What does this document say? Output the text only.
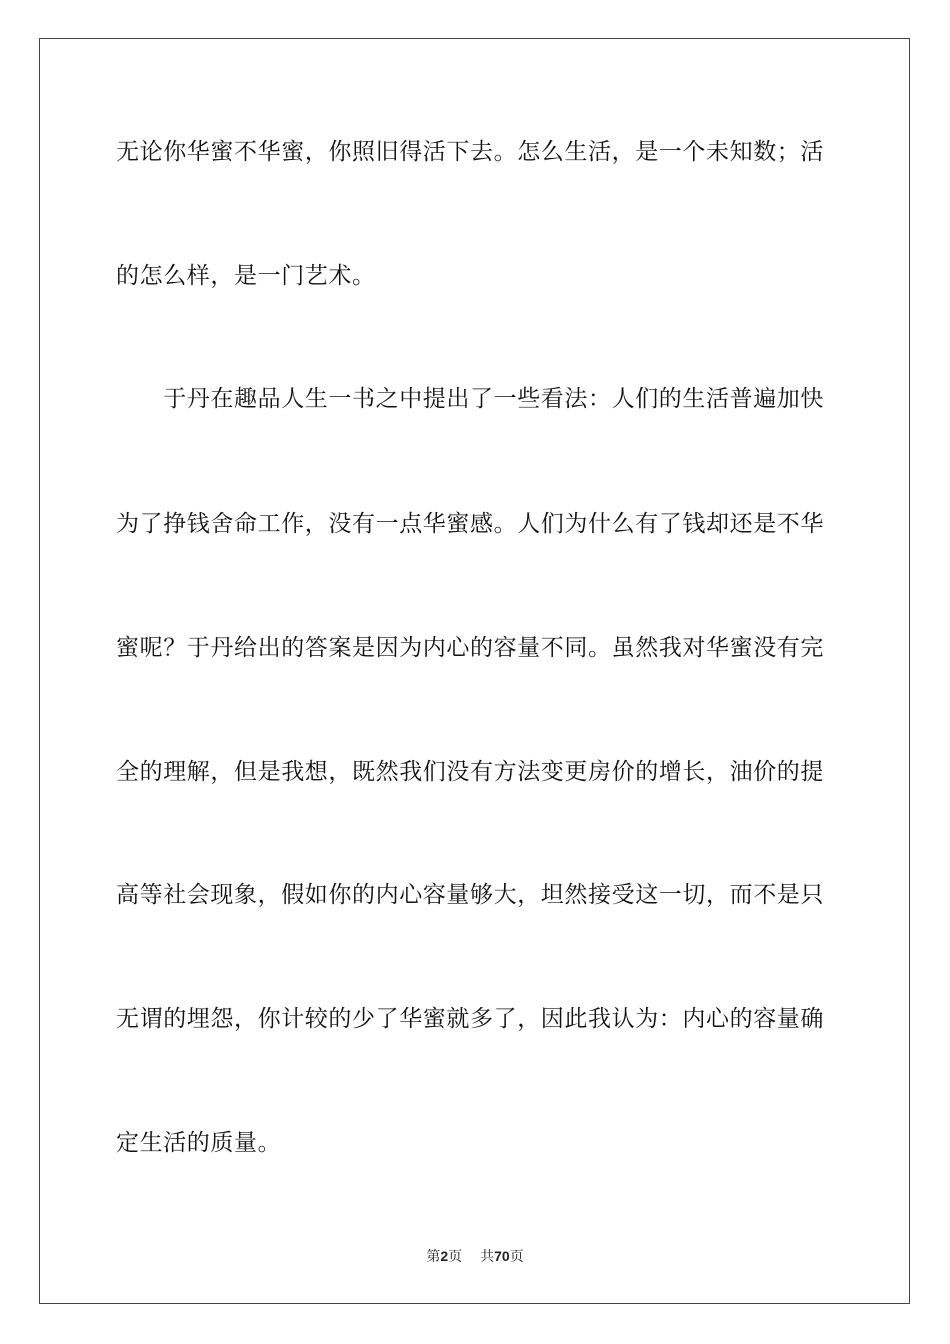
无论你华蜜不华蜜，你照旧得活下去。怎么生活，是一个未知数；活
的怎么样，是一门艺术。
　　于丹在趣品人生一书之中提出了一些看法：人们的生活普遍加快
为了挣钱舍命工作，没有一点华蜜感。人们为什么有了钱却还是不华
蜜呢？于丹给出的答案是因为内心的容量不同。虽然我对华蜜没有完
全的理解，但是我想，既然我们没有方法变更房价的增长，油价的提
高等社会现象，假如你的内心容量够大，坦然接受这一切，而不是只
无谓的埋怨，你计较的少了华蜜就多了，因此我认为：内心的容量确
定生活的质量。
第2页 共70页
